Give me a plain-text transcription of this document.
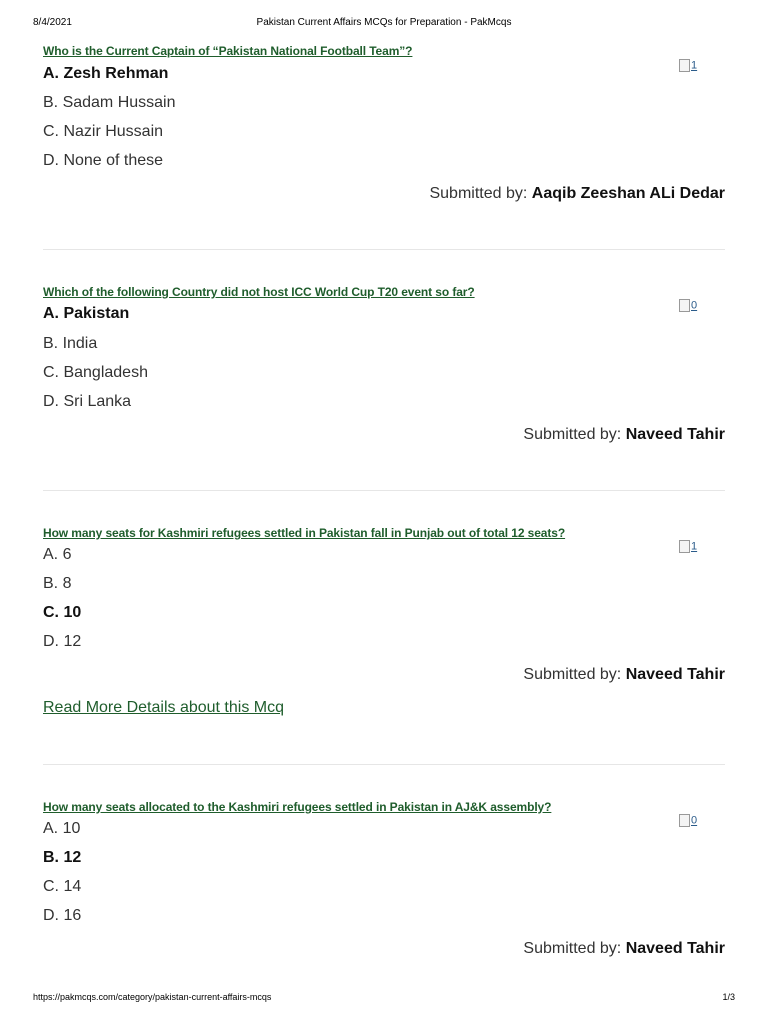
8/4/2021	Pakistan Current Affairs MCQs for Preparation - PakMcqs
Who is the Current Captain of “Pakistan National Football Team”?
A. Zesh Rehman
B. Sadam Hussain
C. Nazir Hussain
D. None of these
1
Submitted by: Aaqib Zeeshan ALi Dedar
Which of the following Country did not host ICC World Cup T20 event so far?
A. Pakistan
B. India
C. Bangladesh
D. Sri Lanka
0
Submitted by: Naveed Tahir
How many seats for Kashmiri refugees settled in Pakistan fall in Punjab out of total 12 seats?
A. 6
B. 8
C. 10
D. 12
1
Submitted by: Naveed Tahir
Read More Details about this Mcq
How many seats allocated to the Kashmiri refugees settled in Pakistan in AJ&K assembly?
A. 10
B. 12
C. 14
D. 16
0
Submitted by: Naveed Tahir
https://pakmcqs.com/category/pakistan-current-affairs-mcqs	1/3
